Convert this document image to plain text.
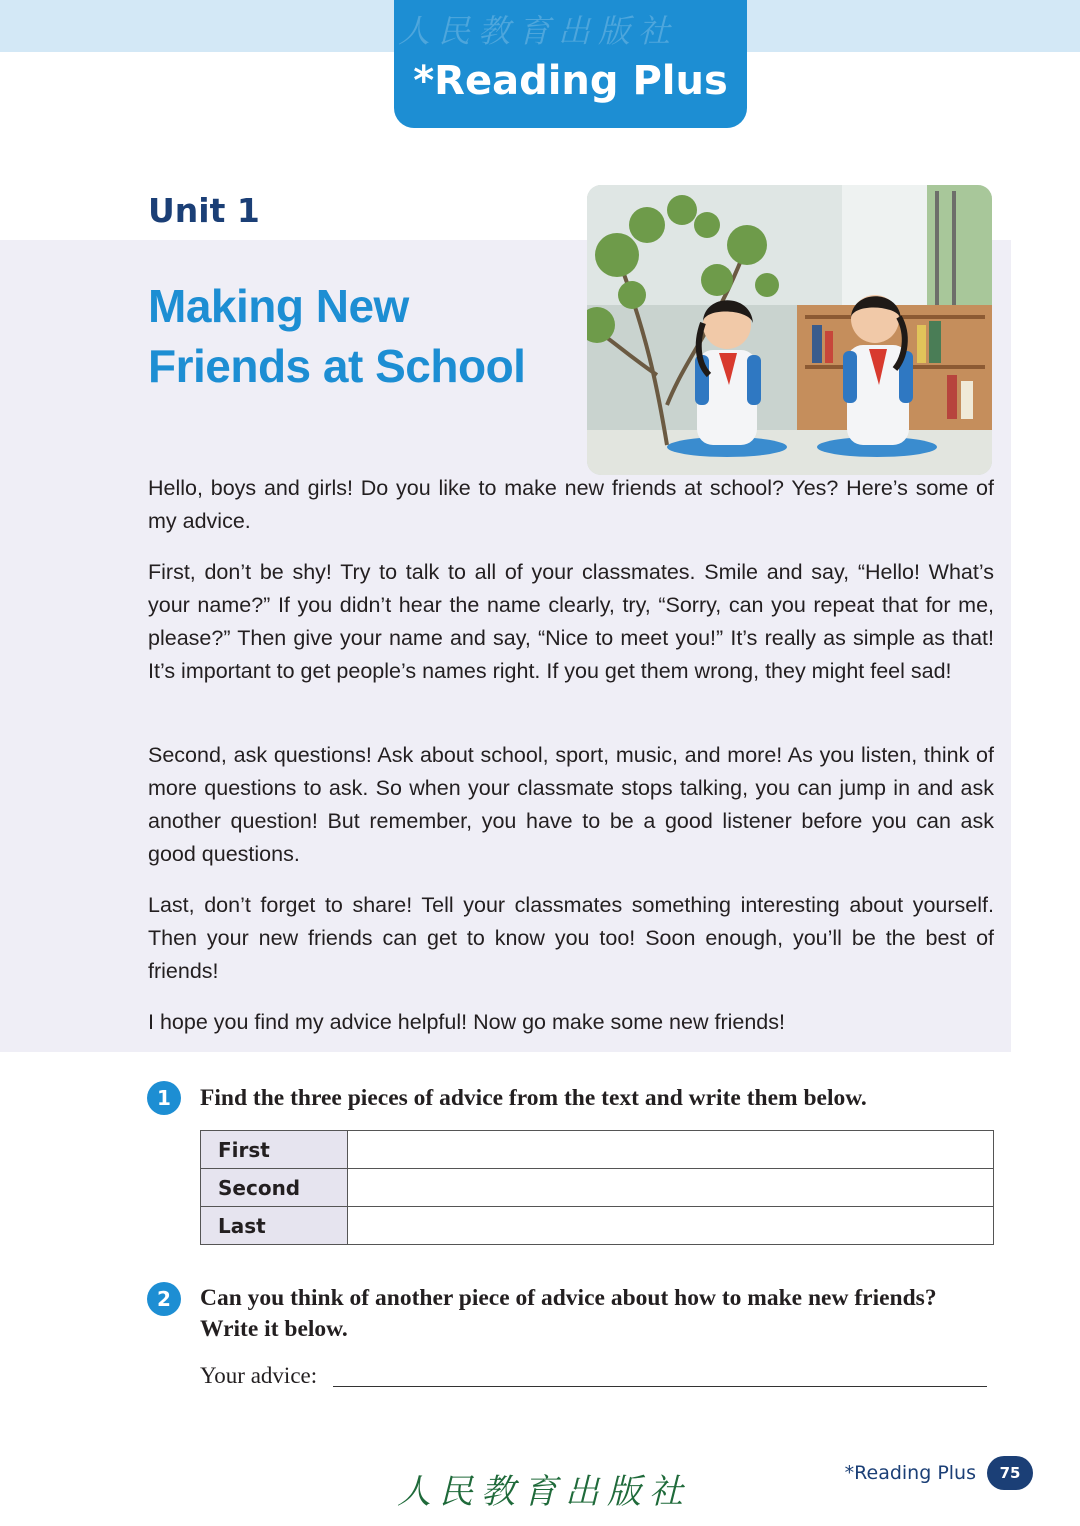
人民教育出版社
*Reading Plus
Unit 1
Making New Friends at School

Hello, boys and girls! Do you like to make new friends at school? Yes? Here’s some of my advice.

First, don’t be shy! Try to talk to all of your classmates. Smile and say, “Hello! What’s your name?” If you didn’t hear the name clearly, try, “Sorry, can you repeat that for me, please?” Then give your name and say, “Nice to meet you!” It’s really as simple as that! It’s important to get people’s names right. If you get them wrong, they might feel sad!

Second, ask questions! Ask about school, sport, music, and more! As you listen, think of more questions to ask. So when your classmate stops talking, you can jump in and ask another question! But remember, you have to be a good listener before you can ask good questions.

Last, don’t forget to share! Tell your classmates something interesting about yourself. Then your new friends can get to know you too! Soon enough, you’ll be the best of friends!

I hope you find my advice helpful! Now go make some new friends!

1	Find the three pieces of advice from the text and write them below.
First	
Second	
Last	
2	Can you think of another piece of advice about how to make new friends? Write it below.
Your advice:
*Reading Plus	75
人民教育出版社
